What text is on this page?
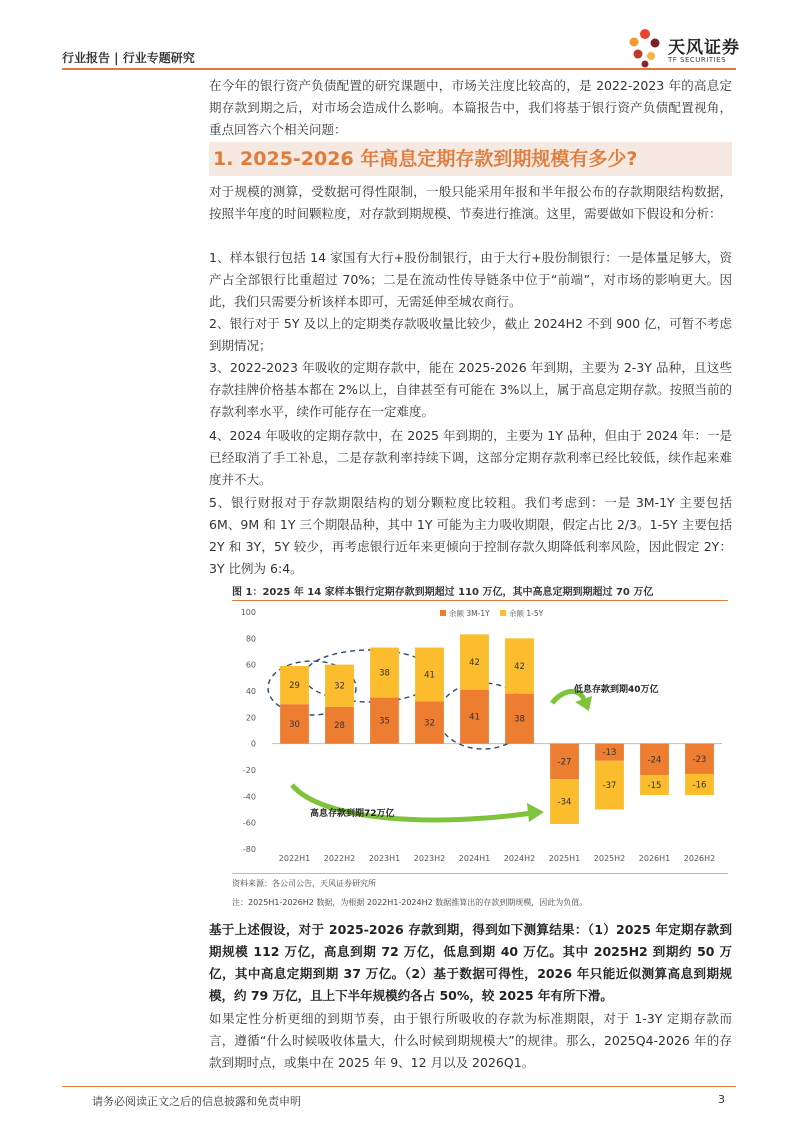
行业报告 | 行业专题研究	天风证券
TF SECURITIES

在今年的银行资产负债配置的研究课题中，市场关注度比较高的，是 2022-2023 年的高息定期存款到期之后，对市场会造成什么影响。本篇报告中，我们将基于银行资产负债配置视角，重点回答六个相关问题：

1. 2025-2026 年高息定期存款到期规模有多少?

对于规模的测算，受数据可得性限制，一般只能采用年报和半年报公布的存款期限结构数据，按照半年度的时间颗粒度，对存款到期规模、节奏进行推演。这里，需要做如下假设和分析：

1、样本银行包括 14 家国有大行+股份制银行，由于大行+股份制银行：一是体量足够大，资产占全部银行比重超过 70%；二是在流动性传导链条中位于“前端”，对市场的影响更大。因此，我们只需要分析该样本即可，无需延伸至城农商行。

2、银行对于 5Y 及以上的定期类存款吸收量比较少，截止 2024H2 不到 900 亿，可暂不考虑到期情况；

3、2022-2023 年吸收的定期存款中，能在 2025-2026 年到期，主要为 2-3Y 品种，且这些存款挂牌价格基本都在 2%以上，自律甚至有可能在 3%以上，属于高息定期存款。按照当前的存款利率水平，续作可能存在一定难度。

4、2024 年吸收的定期存款中，在 2025 年到期的，主要为 1Y 品种，但由于 2024 年：一是已经取消了手工补息，二是存款利率持续下调，这部分定期存款利率已经比较低，续作起来难度并不大。

5、银行财报对于存款期限结构的划分颗粒度比较粗。我们考虑到：一是 3M-1Y 主要包括 6M、9M 和 1Y 三个期限品种，其中 1Y 可能为主力吸收期限，假定占比 2/3。1-5Y 主要包括 2Y 和 3Y，5Y 较少，再考虑银行近年来更倾向于控制存款久期降低利率风险，因此假定 2Y：3Y 比例为 6:4。

图 1：2025 年 14 家样本银行定期存款到期超过 110 万亿，其中高息定期到期超过 70 万亿
100
80
60
40
20
0
-20
-40
-60
-80
30
29
28
32
35
38
32
41
41
42
38
42
-27
-34
-13
-37
-24
-15
-23
-16
2022H1 2022H2 2023H1 2023H2 2024H1 2024H2 2025H1 2025H2 2026H1 2026H2
余额 3M-1Y	余额 1-5Y
低息存款到期40万亿
高息存款到期72万亿
资料来源：各公司公告，天风证券研究所
注：2025H1-2026H2 数据，为根据 2022H1-2024H2 数据推算出的存款到期规模，因此为负值。

基于上述假设，对于 2025-2026 存款到期，得到如下测算结果：（1）2025 年定期存款到期规模 112 万亿，高息到期 72 万亿，低息到期 40 万亿。其中 2025H2 到期约 50 万亿，其中高息定期到期 37 万亿。（2）基于数据可得性，2026 年只能近似测算高息到期规模，约 79 万亿，且上下半年规模约各占 50%，较 2025 年有所下滑。

如果定性分析更细的到期节奏，由于银行所吸收的存款为标准期限，对于 1-3Y 定期存款而言，遵循“什么时候吸收体量大，什么时候到期规模大”的规律。那么，2025Q4-2026 年的存款到期时点，或集中在 2025 年 9、12 月以及 2026Q1。

请务必阅读正文之后的信息披露和免责申明	3
